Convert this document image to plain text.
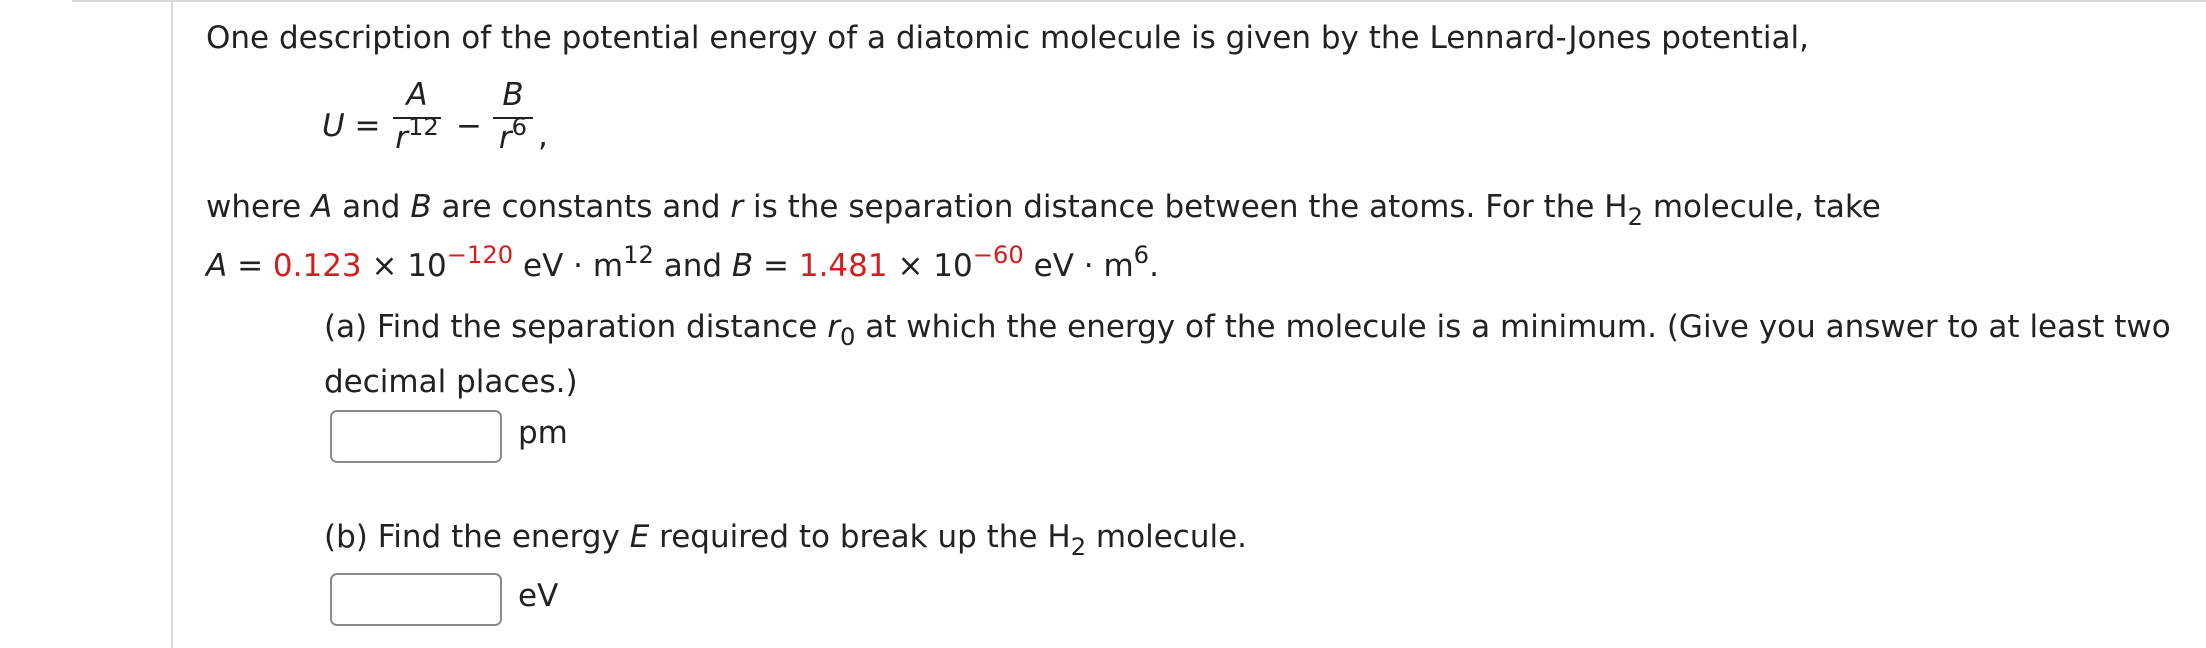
One description of the potential energy of a diatomic molecule is given by the Lennard-Jones potential,
U =
A
$r^{12}$ −
B
$r^6$ ,
where A and B are constants and r is the separation distance between the atoms. For the $H_2$ molecule, take
$A = 0.123 \times 10^{-120}$ eV · $m^{12}$ and $B = 1.481 \times 10^{-60}$ eV · $m^6$.
(a) Find the separation distance $r_0$ at which the energy of the molecule is a minimum. (Give you answer to at least two
decimal places.)
pm
(b) Find the energy E required to break up the $H_2$ molecule.
eV
